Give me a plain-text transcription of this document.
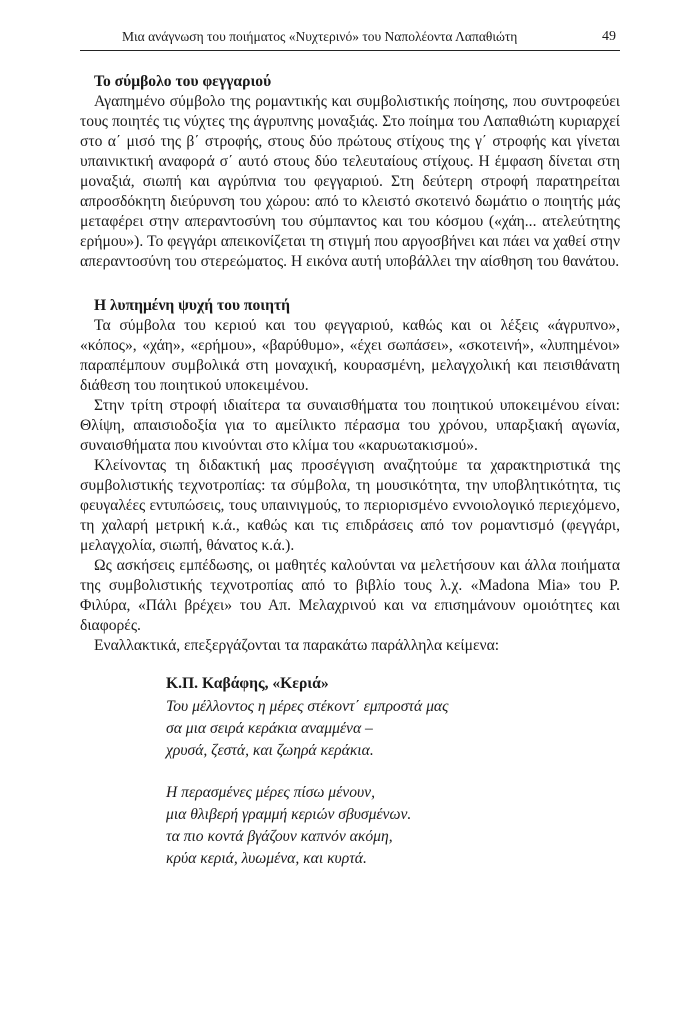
Μια ανάγνωση του ποιήματος «Νυχτερινό» του Ναπολέοντα Λαπαθιώτη	49

Το σύμβολο του φεγγαριού

Αγαπημένο σύμβολο της ρομαντικής και συμβολιστικής ποίησης, που συντροφεύει τους ποιητές τις νύχτες της άγρυπνης μοναξιάς. Στο ποίημα του Λαπαθιώτη κυριαρχεί στο α΄ μισό της β΄ στροφής, στους δύο πρώτους στίχους της γ΄ στροφής και γίνεται υπαινικτική αναφορά σ΄ αυτό στους δύο τελευταίους στίχους. Η έμφαση δίνεται στη μοναξιά, σιωπή και αγρύπνια του φεγγαριού. Στη δεύτερη στροφή παρατηρείται απροσδόκητη διεύρυνση του χώρου: από το κλειστό σκοτεινό δωμάτιο ο ποιητής μάς μεταφέρει στην απεραντοσύνη του σύμπαντος και του κόσμου («χάη... ατελεύτητης ερήμου»). Το φεγγάρι απεικονίζεται τη στιγμή που αργοσβήνει και πάει να χαθεί στην απεραντοσύνη του στερεώματος. Η εικόνα αυτή υποβάλλει την αίσθηση του θανάτου.

Η λυπημένη ψυχή του ποιητή

Τα σύμβολα του κεριού και του φεγγαριού, καθώς και οι λέξεις «άγρυπνο», «κόπος», «χάη», «ερήμου», «βαρύθυμο», «έχει σωπάσει», «σκοτεινή», «λυπημένοι» παραπέμπουν συμβολικά στη μοναχική, κουρασμένη, μελαγχολική και πεισιθάνατη διάθεση του ποιητικού υποκειμένου.

Στην τρίτη στροφή ιδιαίτερα τα συναισθήματα του ποιητικού υποκειμένου είναι: Θλίψη, απαισιοδοξία για το αμείλικτο πέρασμα του χρόνου, υπαρξιακή αγωνία, συναισθήματα που κινούνται στο κλίμα του «καρυωτακισμού».

Κλείνοντας τη διδακτική μας προσέγγιση αναζητούμε τα χαρακτηριστικά της συμβολιστικής τεχνοτροπίας: τα σύμβολα, τη μουσικότητα, την υποβλητικότητα, τις φευγαλέες εντυπώσεις, τους υπαινιγμούς, το περιορισμένο εννοιολογικό περιεχόμενο, τη χαλαρή μετρική κ.ά., καθώς και τις επιδράσεις από τον ρομαντισμό (φεγγάρι, μελαγχολία, σιωπή, θάνατος κ.ά.).

Ως ασκήσεις εμπέδωσης, οι μαθητές καλούνται να μελετήσουν και άλλα ποιήματα της συμβολιστικής τεχνοτροπίας από το βιβλίο τους λ.χ. «Madona Mia» του Ρ. Φιλύρα, «Πάλι βρέχει» του Απ. Μελαχρινού και να επισημάνουν ομοιότητες και διαφορές.

Εναλλακτικά, επεξεργάζονται τα παρακάτω παράλληλα κείμενα:

Κ.Π. Καβάφης, «Κεριά»

Του μέλλοντος η μέρες στέκοντ΄ εμπροστά μας
σα μια σειρά κεράκια αναμμένα –
χρυσά, ζεστά, και ζωηρά κεράκια.
Η περασμένες μέρες πίσω μένουν,
μια θλιβερή γραμμή κεριών σβυσμένων.
τα πιο κοντά βγάζουν καπνόν ακόμη,
κρύα κεριά, λυωμένα, και κυρτά.
